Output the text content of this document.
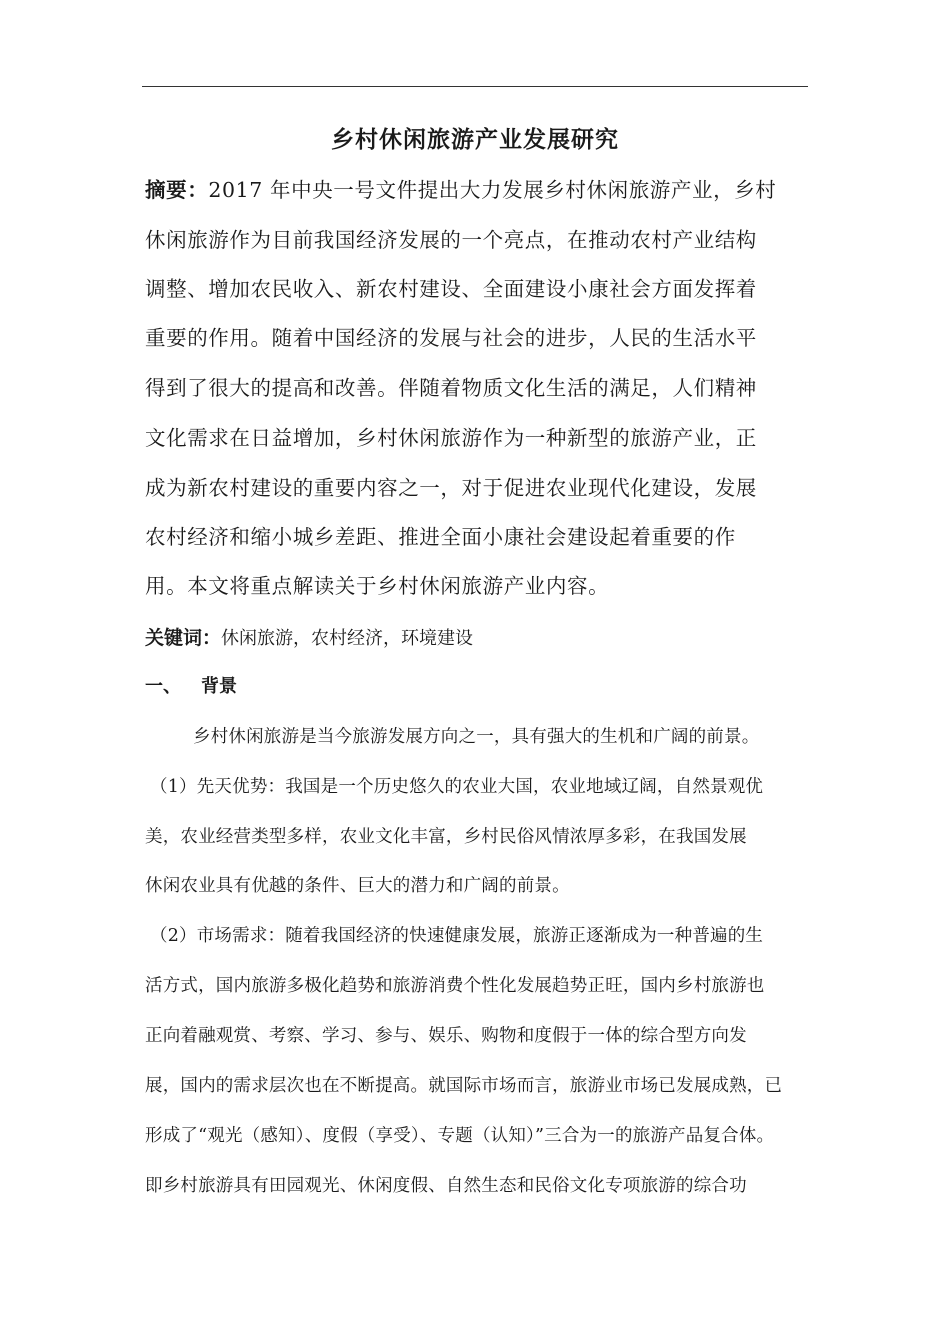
乡村休闲旅游产业发展研究
摘要：2017 年中央一号文件提出大力发展乡村休闲旅游产业，乡村
休闲旅游作为目前我国经济发展的一个亮点，在推动农村产业结构
调整、增加农民收入、新农村建设、全面建设小康社会方面发挥着
重要的作用。随着中国经济的发展与社会的进步，人民的生活水平
得到了很大的提高和改善。伴随着物质文化生活的满足，人们精神
文化需求在日益增加，乡村休闲旅游作为一种新型的旅游产业，正
成为新农村建设的重要内容之一，对于促进农业现代化建设，发展
农村经济和缩小城乡差距、推进全面小康社会建设起着重要的作
用。本文将重点解读关于乡村休闲旅游产业内容。
关键词：休闲旅游，农村经济，环境建设
一、 背景
乡村休闲旅游是当今旅游发展方向之一，具有强大的生机和广阔的前景。
（1）先天优势：我国是一个历史悠久的农业大国，农业地域辽阔，自然景观优
美，农业经营类型多样，农业文化丰富，乡村民俗风情浓厚多彩，在我国发展
休闲农业具有优越的条件、巨大的潜力和广阔的前景。
（2）市场需求：随着我国经济的快速健康发展，旅游正逐渐成为一种普遍的生
活方式，国内旅游多极化趋势和旅游消费个性化发展趋势正旺，国内乡村旅游也
正向着融观赏、考察、学习、参与、娱乐、购物和度假于一体的综合型方向发
展，国内的需求层次也在不断提高。就国际市场而言，旅游业市场已发展成熟，已
形成了“观光（感知）、度假（享受）、专题（认知）”三合为一的旅游产品复合体。
即乡村旅游具有田园观光、休闲度假、自然生态和民俗文化专项旅游的综合功
